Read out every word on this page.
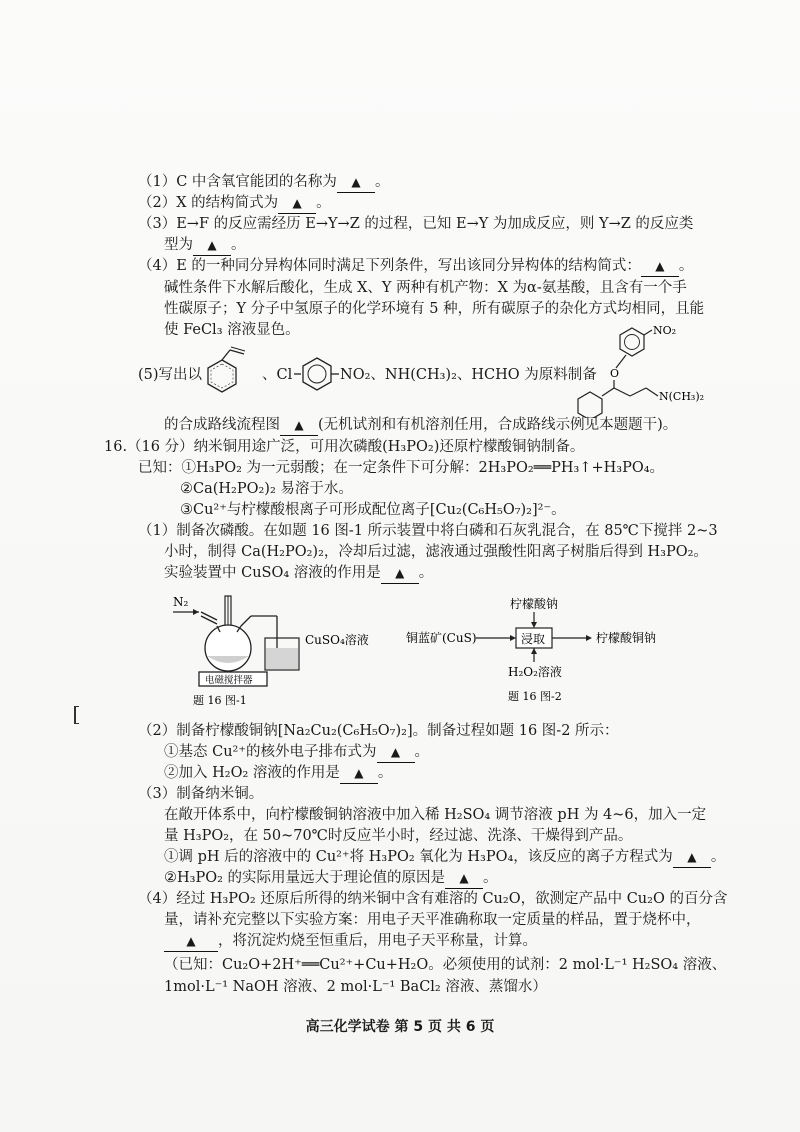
（1）C 中含氧官能团的名称为 ▲ 。
（2）X 的结构简式为 ▲ 。
（3）E→F 的反应需经历 E→Y→Z 的过程，已知 E→Y 为加成反应，则 Y→Z 的反应类
型为 ▲ 。
（4）E 的一种同分异构体同时满足下列条件，写出该同分异构体的结构简式： ▲ 。
碱性条件下水解后酸化，生成 X、Y 两种有机产物：X 为α-氨基酸，且含有一个手
性碳原子；Y 分子中氢原子的化学环境有 5 种，所有碳原子的杂化方式均相同，且能
使 FeCl₃ 溶液显色。
(5)写出以	、Cl	NO₂、NH(CH₃)₂、HCHO 为原料制备
NO₂
O
N(CH₃)₂
的合成路线流程图 ▲ (无机试剂和有机溶剂任用，合成路线示例见本题题干)。
16.（16 分）纳米铜用途广泛，可用次磷酸(H₃PO₂)还原柠檬酸铜钠制备。
已知：①H₃PO₂ 为一元弱酸；在一定条件下可分解：2H₃PO₂══PH₃↑+H₃PO₄。
②Ca(H₂PO₂)₂ 易溶于水。
③Cu²⁺与柠檬酸根离子可形成配位离子[Cu₂(C₆H₅O₇)₂]²⁻。
（1）制备次磷酸。在如题 16 图-1 所示装置中将白磷和石灰乳混合，在 85℃下搅拌 2~3
小时，制得 Ca(H₂PO₂)₂，冷却后过滤，滤液通过强酸性阳离子树脂后得到 H₃PO₂。
实验装置中 CuSO₄ 溶液的作用是 ▲ 。
N₂
CuSO₄溶液
电磁搅拌器
题 16 图-1
柠檬酸钠
铜蓝矿(CuS)	浸取	柠檬酸铜钠
H₂O₂溶液
题 16 图-2
（2）制备柠檬酸铜钠[Na₂Cu₂(C₆H₅O₇)₂]。制备过程如题 16 图-2 所示：
①基态 Cu²⁺的核外电子排布式为 ▲ 。
②加入 H₂O₂ 溶液的作用是 ▲ 。
（3）制备纳米铜。
在敞开体系中，向柠檬酸铜钠溶液中加入稀 H₂SO₄ 调节溶液 pH 为 4~6，加入一定
量 H₃PO₂，在 50~70℃时反应半小时，经过滤、洗涤、干燥得到产品。
①调 pH 后的溶液中的 Cu²⁺将 H₃PO₂ 氧化为 H₃PO₄，该反应的离子方程式为 ▲ 。
②H₃PO₂ 的实际用量远大于理论值的原因是 ▲ 。
（4）经过 H₃PO₂ 还原后所得的纳米铜中含有难溶的 Cu₂O，欲测定产品中 Cu₂O 的百分含
量，请补充完整以下实验方案：用电子天平准确称取一定质量的样品，置于烧杯中，
▲ ，将沉淀灼烧至恒重后，用电子天平称量，计算。
（已知：Cu₂O+2H⁺══Cu²⁺+Cu+H₂O。必须使用的试剂：2 mol·L⁻¹ H₂SO₄ 溶液、
1mol·L⁻¹ NaOH 溶液、2 mol·L⁻¹ BaCl₂ 溶液、蒸馏水）
高三化学试卷 第 5 页 共 6 页
